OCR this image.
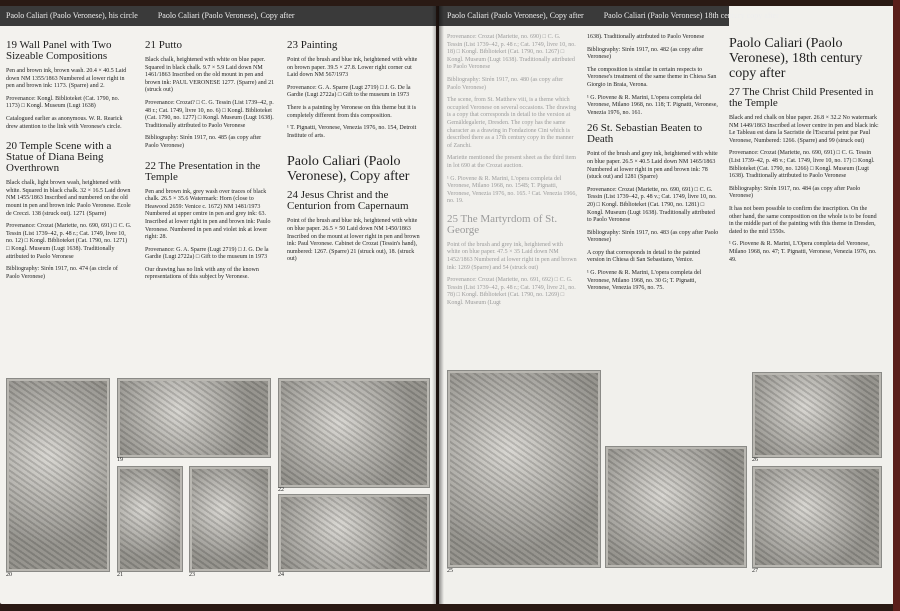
Paolo Caliari (Paolo Veronese), his circle	Paolo Caliari (Paolo Veronese), Copy after
19 Wall Panel with Two Sizeable Compositions

Pen and brown ink, brown wash. 20.4 × 40.5 Laid down NM 1355/1863 Numbered at lower right in pen and brown ink: 1173. (Sparre) and 2.

Provenance: Kongl. Biblioteket (Cat. 1790, no. 1173) □ Kongl. Museum (Lugt 1638)

Catalogued earlier as anonymous. W. R. Rearick drew attention to the link with Veronese's circle.

20 Temple Scene with a Statue of Diana Being Overthrown

Black chalk, light brown wash, heightened with white. Squared in black chalk. 32 × 16.5 Laid down NM 1455/1863 Inscribed and numbered on the old mount in pen and brown ink: Paolo Veronese. Ecole de Creczi. 138 (struck out). 1271 (Sparre)

Provenance: Crozat (Mariette, no. 690, 691) □ C. G. Tessin (List 1739–42, p. 48 r.; Cat. 1749, livre 10, no. 12) □ Kongl. Biblioteket (Cat. 1790, no. 1271) □ Kongl. Museum (Lugt 1638). Traditionally attributed to Paolo Veronese

Bibliography: Sirén 1917, no. 474 (as circle of Paolo Veronese)

21 Putto

Black chalk, heightened with white on blue paper. Squared in black chalk. 9.7 × 5.9 Laid down NM 1461/1863 Inscribed on the old mount in pen and brown ink: PAUL VERONESE 1277. (Sparre) and 21 (struck out)

Provenance: Crozat? □ C. G. Tessin (List 1739–42, p. 48 r.; Cat. 1749, livre 10, no. 6) □ Kongl. Biblioteket (Cat. 1790, no. 1277) □ Kongl. Museum (Lugt 1638). Traditionally attributed to Paolo Veronese

Bibliography: Sirén 1917, no. 485 (as copy after Paolo Veronese)

22 The Presentation in the Temple

Pen and brown ink, grey wash over traces of black chalk. 26.5 × 35.6 Watermark: Horn (close to Heawood 2659: Venice c. 1672) NM 1481/1973 Numbered at upper centre in pen and grey ink: 63. Inscribed at lower right in pen and brown ink: Paulo Veronese. Numbered in pen and violet ink at lower right: 28.

Provenance: G. A. Sparre (Lugt 2719) □ J. G. De la Gardie (Lugt 2722a) □ Gift to the museum in 1973

Our drawing has no link with any of the known representations of this subject by Veronese.

23 Painting

Point of the brush and blue ink, heightened with white on brown paper. 39.5 × 27.8. Lower right corner cut Laid down NM 567/1973

Provenance: G. A. Sparre (Lugt 2719) □ J. G. De la Gardie (Lugt 2722a) □ Gift to the museum in 1973

There is a painting by Veronese on this theme but it is completely different from this composition.

¹ T. Pignatti, Veronese, Venezia 1976, no. 154, Detroit Institute of arts.

Paolo Caliari (Paolo Veronese), Copy after
24 Jesus Christ and the Centurion from Capernaum

Point of the brush and blue ink, heightened with white on blue paper. 26.5 × 50 Laid down NM 1450/1863 Inscribed on the mount at lower right in pen and brown ink: Paul Veronese. Cabinet de Crozat (Tessin's hand), numbered: 1267. (Sparre) 21 (struck out), 18. (struck out)

20
19
21	23
22
24
Paolo Caliari (Paolo Veronese), Copy after	Paolo Caliari (Paolo Veronese) 18th century copy after

Provenance: Crozat (Mariette, no. 690) □ C. G. Tessin (List 1739–42, p. 48 r.; Cat. 1749, livre 10, no. 18) □ Kongl. Biblioteket (Cat. 1790, no. 1267) □ Kongl. Museum (Lugt 1638). Traditionally attributed to Paolo Veronese

Bibliography: Sirén 1917, no. 480 (as copy after Paolo Veronese)

The scene, from St. Matthew viii, is a theme which occupied Veronese on several occasions. The drawing is a copy that corresponds in detail to the version at Gemäldegalerie, Dresden. The copy has the same character as a drawing in Fondazione Cini which is described there as a 17th century copy in the manner of Zanchi.

Mariette mentioned the present sheet as the third item in lot 690 at the Crozat auction.

¹ G. Piovene & R. Marini, L'opera completa del Veronese, Milano 1968, no. 154B; T. Pignatti, Veronese, Venezia 1976, no. 165. ² Cat. Venezia 1966, no. 19.

25 The Martyrdom of St. George

Point of the brush and grey ink, heightened with white on blue paper. 47.5 × 35 Laid down NM 1452/1863 Numbered at lower right in pen and brown ink: 1269 (Sparre) and 54 (struck out)

Provenance: Crozat (Mariette, no. 691, 692) □ C. G. Tessin (List 1739–42, p. 48 r.; Cat. 1749, livre 21, no. 78) □ Kongl. Biblioteket (Cat. 1790, no. 1269) □ Kongl. Museum (Lugt

1638). Traditionally attributed to Paolo Veronese

Bibliography: Sirén 1917, no. 482 (as copy after Veronese)

The composition is similar in certain respects to Veronese's treatment of the same theme in Chiesa San Giorgio in Braia, Verona.

¹ G. Piovene & R. Marini, L'opera completa del Veronese, Milano 1968, no. 118; T. Pignatti, Veronese, Venezia 1976, no. 161.

26 St. Sebastian Beaten to Death

Point of the brush and grey ink, heightened with white on blue paper. 26.5 × 40.5 Laid down NM 1465/1863 Numbered at lower right in pen and brown ink: 78 (stuck out) and 1281 (Sparre)

Provenance: Crozat (Mariette, no. 690, 691) □ C. G. Tessin (List 1739–42, p. 48 v.; Cat. 1749, livre 10, no. 20) □ Kongl. Biblioteket (Cat. 1790, no. 1281) □ Kongl. Museum (Lugt 1638). Traditionally attributed to Paolo Veronese

Bibliography: Sirén 1917, no. 483 (as copy after Paolo Veronese)

A copy that corresponds in detail to the painted version in Chiesa di San Sebastiano, Venice.

¹ G. Piovene & R. Marini, L'opera completa del Veronese, Milano 1968, no. 30 G; T. Pignatti, Veronese, Venezia 1976, no. 75.

Paolo Caliari (Paolo Veronese), 18th century copy after
27 The Christ Child Presented in the Temple

Black and red chalk on blue paper. 26.8 × 32.2 No watermark NM 1449/1863 Inscribed at lower centre in pen and black ink: Le Tableau est dans la Sacristie de l'Escurial peint par Paul Veronese, Numbered: 1266. (Sparre) and 99 (struck out)

Provenance: Crozat (Mariette, no. 690, 691) □ C. G. Tessin (List 1739–42, p. 48 v.; Cat. 1749, livre 10, no. 17) □ Kongl. Biblioteket (Cat. 1790, no. 1266) □ Kongl. Museum (Lugt 1638). Traditionally attributed to Paolo Veronese

Bibliography: Sirén 1917, no. 484 (as copy after Paolo Veronese)

It has not been possible to confirm the inscription. On the other hand, the same composition on the whole is to be found in the middle part of the painting with this theme in Dresden, dated to the mid 1550s.

¹ G. Piovene & R. Marini, L'Opera completa del Veronese, Milano 1968, no. 47; T. Pignatti, Veronese, Venezia 1976, no. 49.

25
26
27
